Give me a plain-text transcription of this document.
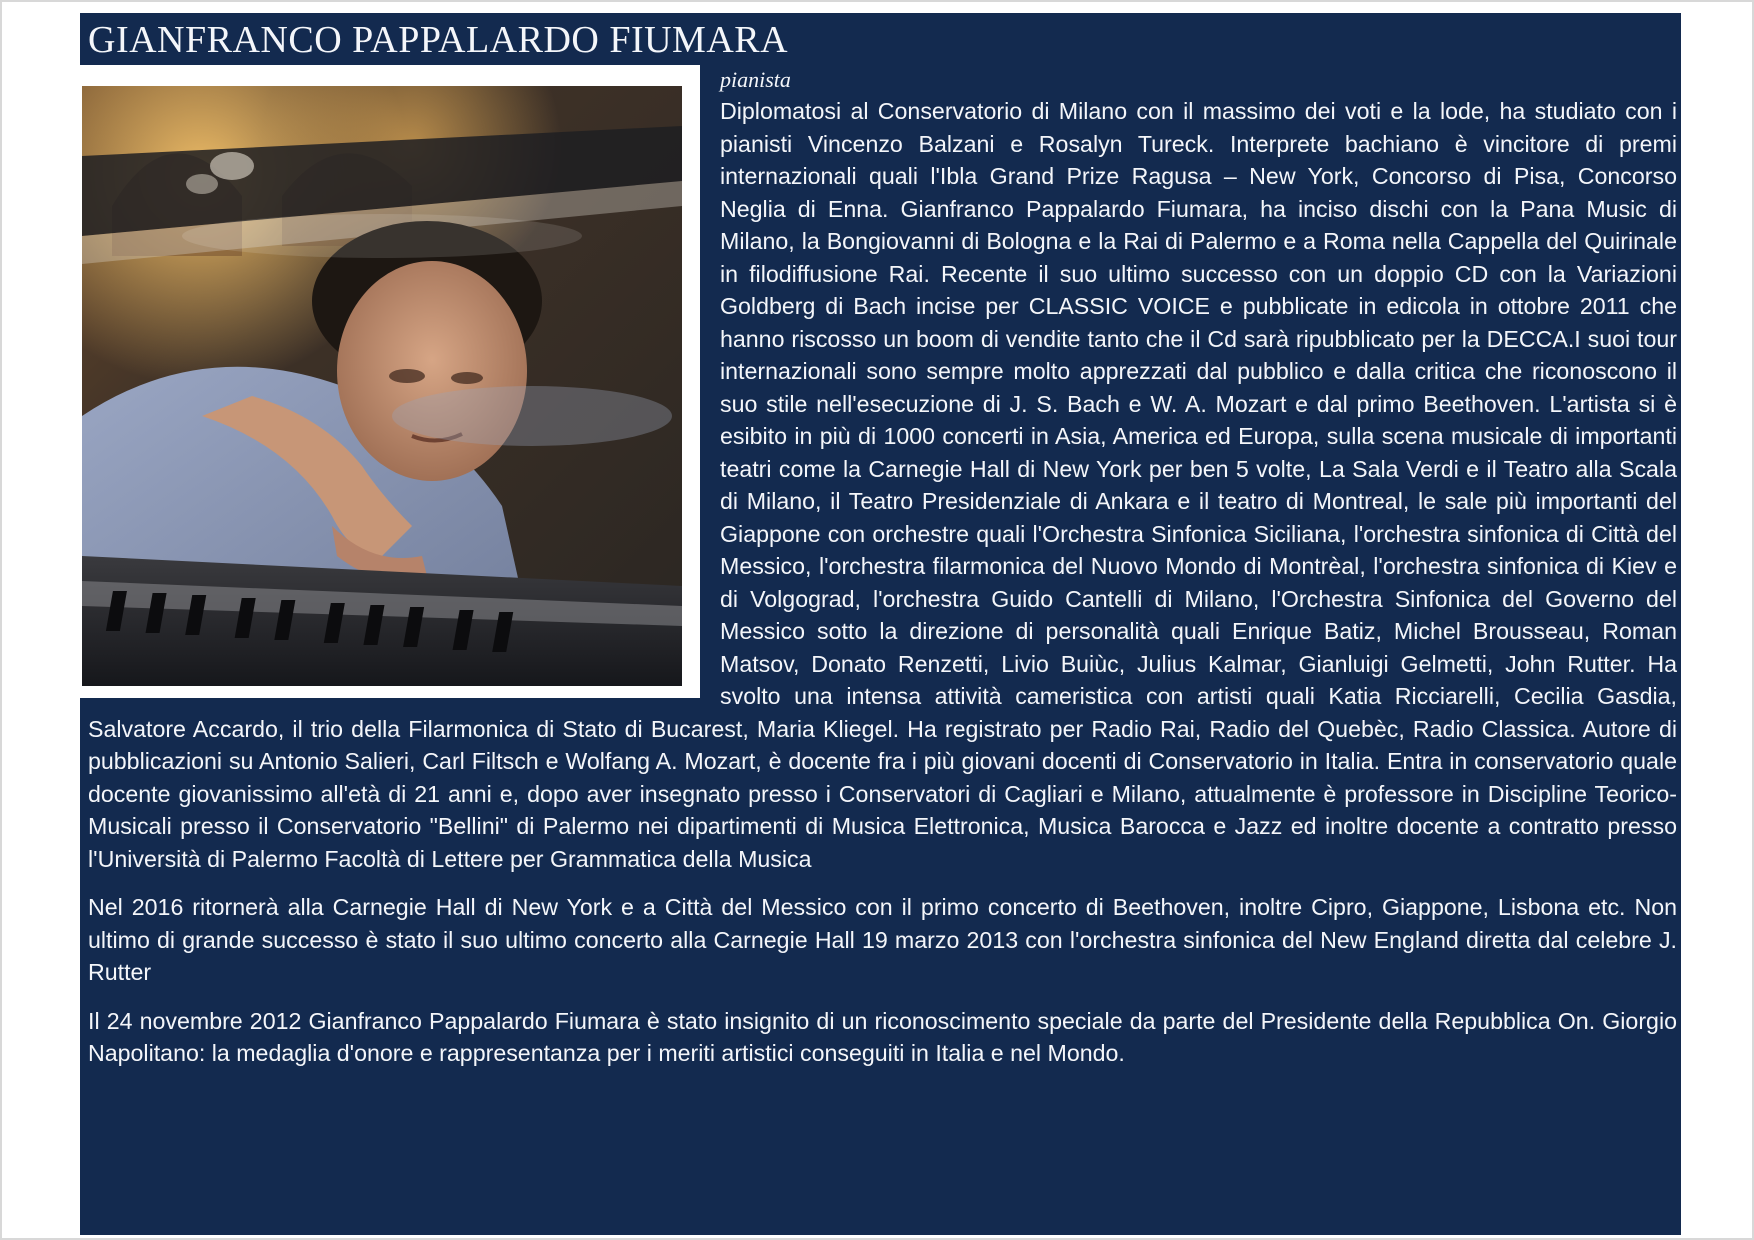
GIANFRANCO PAPPALARDO FIUMARA

pianista

Diplomatosi al Conservatorio di Milano con il massimo dei voti e la lode, ha studiato con i pianisti Vincenzo Balzani e Rosalyn Tureck. Interprete bachiano è vincitore di premi internazionali quali l'Ibla Grand Prize Ragusa – New York, Concorso di Pisa, Concorso Neglia di Enna. Gianfranco Pappalardo Fiumara, ha inciso dischi con la Pana Music di Milano, la Bongiovanni di Bologna e la Rai di Palermo e a Roma nella Cappella del Quirinale in filodiffusione Rai. Recente il suo ultimo successo con un doppio CD con la Variazioni Goldberg di Bach incise per CLASSIC VOICE e pubblicate in edicola in ottobre 2011 che hanno riscosso un boom di vendite tanto che il Cd sarà ripubblicato per la DECCA.I suoi tour internazionali sono sempre molto apprezzati dal pubblico e dalla critica che riconoscono il suo stile nell'esecuzione di J. S. Bach e W. A. Mozart e dal primo Beethoven. L'artista si è esibito in più di 1000 concerti in Asia, America ed Europa, sulla scena musicale di importanti teatri come la Carnegie Hall di New York per ben 5 volte, La Sala Verdi e il Teatro alla Scala di Milano, il Teatro Presidenziale di Ankara e il teatro di Montreal, le sale più importanti del Giappone con orchestre quali l'Orchestra Sinfonica Siciliana, l'orchestra sinfonica di Città del Messico, l'orchestra filarmonica del Nuovo Mondo di Montrèal, l'orchestra sinfonica di Kiev e di Volgograd, l'orchestra Guido Cantelli di Milano, l'Orchestra Sinfonica del Governo del Messico sotto la direzione di personalità quali Enrique Batiz, Michel Brousseau, Roman Matsov, Donato Renzetti, Livio Buiùc, Julius Kalmar, Gianluigi Gelmetti, John Rutter. Ha svolto una intensa attività cameristica con artisti quali Katia Ricciarelli, Cecilia Gasdia, Salvatore Accardo, il trio della Filarmonica di Stato di Bucarest, Maria Kliegel. Ha registrato per Radio Rai, Radio del Quebèc, Radio Classica. Autore di pubblicazioni su Antonio Salieri, Carl Filtsch e Wolfang A. Mozart, è docente fra i più giovani docenti di Conservatorio in Italia. Entra in conservatorio quale docente giovanissimo all'età di 21 anni e, dopo aver insegnato presso i Conservatori di Cagliari e Milano, attualmente è professore in Discipline Teorico-Musicali presso il Conservatorio "Bellini" di Palermo nei dipartimenti di Musica Elettronica, Musica Barocca e Jazz ed inoltre docente a contratto presso l'Università di Palermo Facoltà di Lettere per Grammatica della Musica

Nel 2016 ritornerà alla Carnegie Hall di New York e a Città del Messico con il primo concerto di Beethoven, inoltre Cipro, Giappone, Lisbona etc. Non ultimo di grande successo è stato il suo ultimo concerto alla Carnegie Hall 19 marzo 2013 con l'orchestra sinfonica del New England diretta dal celebre J. Rutter

Il 24 novembre 2012 Gianfranco Pappalardo Fiumara è stato insignito di un riconoscimento speciale da parte del Presidente della Repubblica On. Giorgio Napolitano: la medaglia d'onore e rappresentanza per i meriti artistici conseguiti in Italia e nel Mondo.
